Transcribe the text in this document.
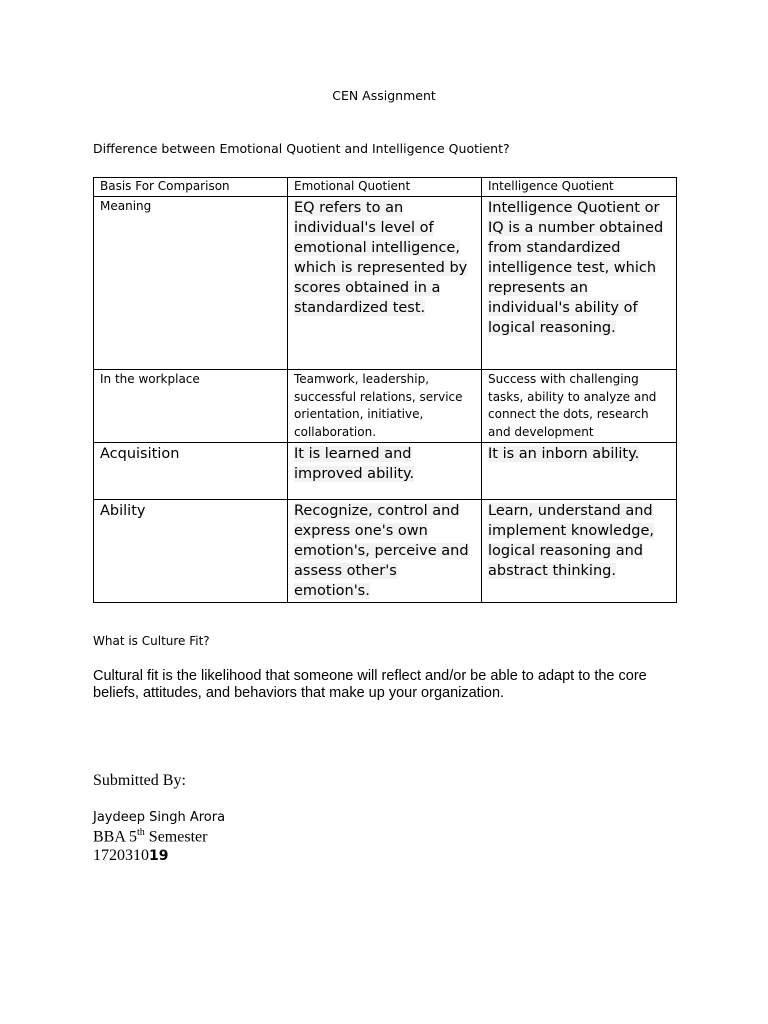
CEN Assignment
Difference between Emotional Quotient and Intelligence Quotient?
Basis For Comparison	Emotional Quotient	Intelligence Quotient
Meaning	EQ refers to an individual's level of emotional intelligence, which is represented by scores obtained in a standardized test.	Intelligence Quotient or IQ is a number obtained from standardized intelligence test, which represents an individual's ability of logical reasoning.
In the workplace	Teamwork, leadership, successful relations, service orientation, initiative, collaboration.	Success with challenging tasks, ability to analyze and connect the dots, research and development
Acquisition	It is learned and improved ability.	It is an inborn ability.
Ability	Recognize, control and express one's own emotion's, perceive and assess other's emotion's.	Learn, understand and implement knowledge, logical reasoning and abstract thinking.
What is Culture Fit?
Cultural fit is the likelihood that someone will reflect and/or be able to adapt to the core beliefs, attitudes, and behaviors that make up your organization.
Submitted By:
Jaydeep Singh Arora
BBA 5th Semester
172031019
